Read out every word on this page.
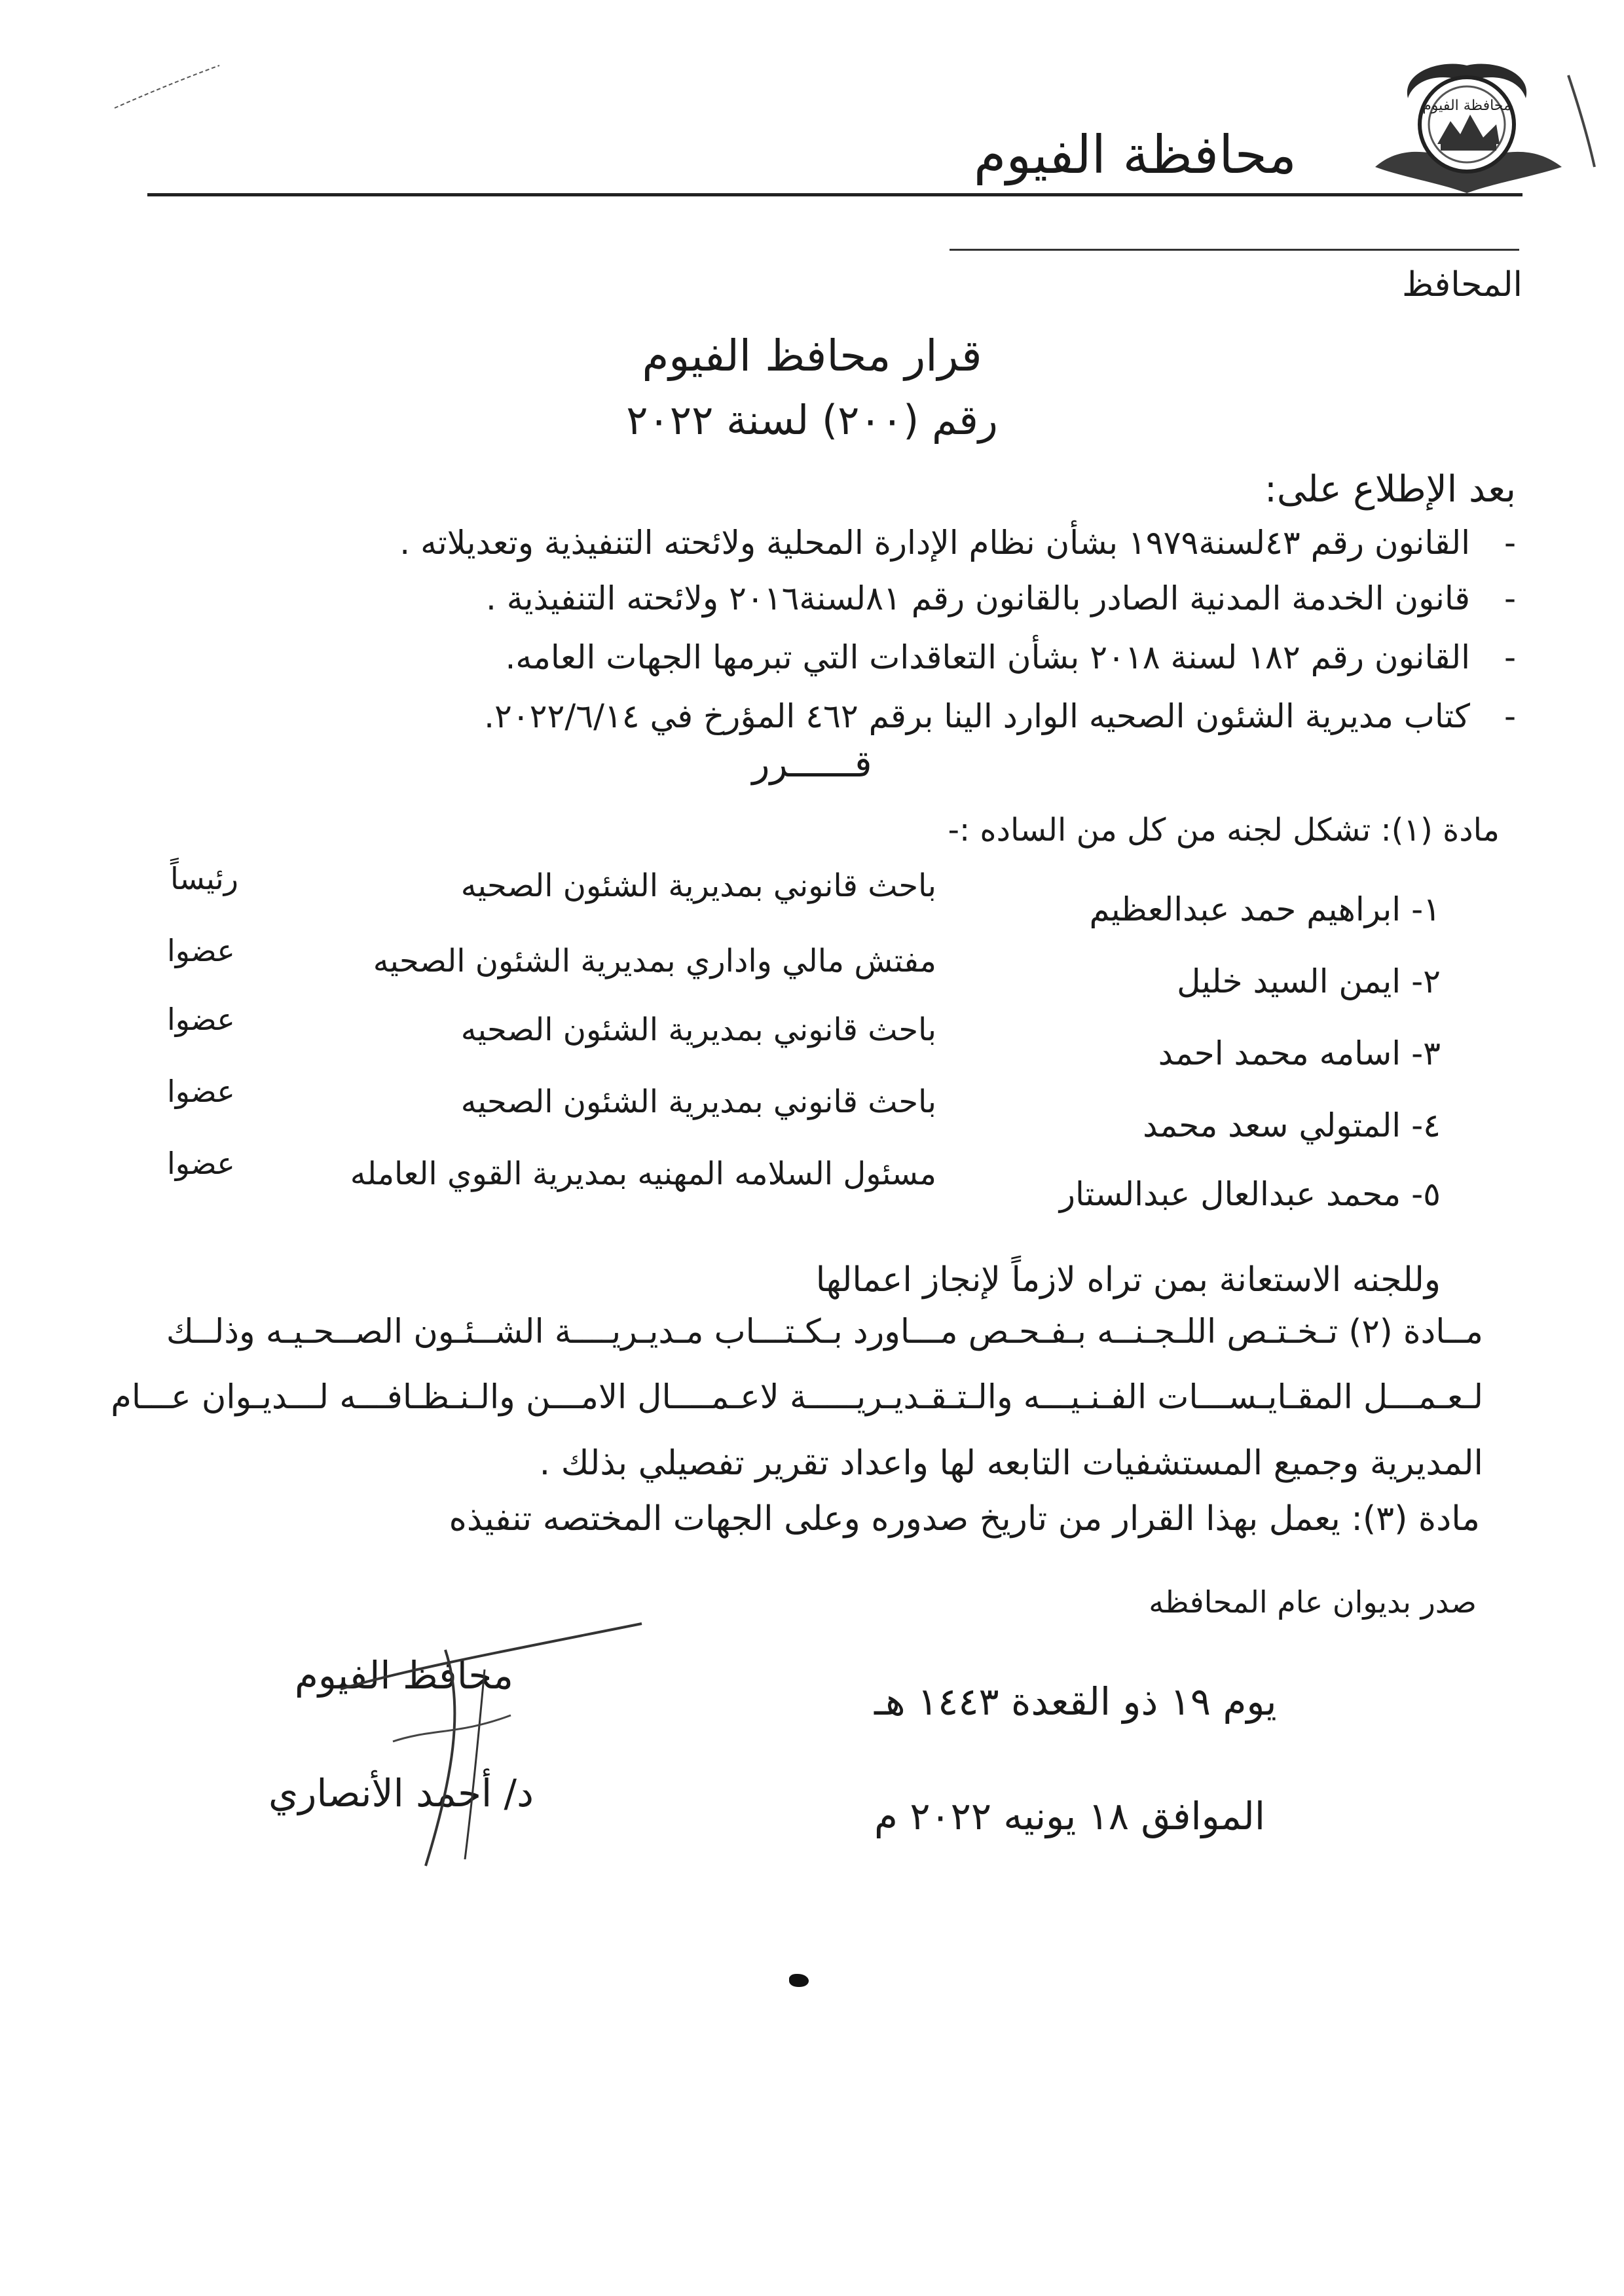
محافظة الفيوم
محافظة الفيوم
المحافظ
قرار محافظ الفيوم
رقم (۲۰۰) لسنة ۲۰۲۲
بعد الإطلاع على:
-القانون رقم ٤٣لسنة١٩٧٩ بشأن نظام الإدارة المحلية ولائحته التنفيذية وتعديلاته .
-قانون الخدمة المدنية الصادر بالقانون رقم ٨١لسنة٢٠١٦ ولائحته التنفيذية .
-القانون رقم ١٨٢ لسنة ٢٠١٨ بشأن التعاقدات التي تبرمها الجهات العامه.
-كتاب مديرية الشئون الصحيه الوارد الينا برقم ٤٦٢ المؤرخ في ٢٠٢٢/٦/١٤.
قــــــرر
مادة (١): تشكل لجنه من كل من الساده :-
١- ابراهيم حمد عبدالعظيم
باحث قانوني بمديرية الشئون الصحيه
رئيساً
٢- ايمن السيد خليل
مفتش مالي واداري بمديرية الشئون الصحيه
عضوا
٣- اسامه محمد احمد
باحث قانوني بمديرية الشئون الصحيه
عضوا
٤- المتولي سعد محمد
باحث قانوني بمديرية الشئون الصحيه
عضوا
٥- محمد عبدالعال عبدالستار
مسئول السلامه المهنيه بمديرية القوي العامله
عضوا
وللجنه الاستعانة بمن تراه لازماً لإنجاز اعمالها
مــادة (٢) تـخـتـص اللـجـنــه بـفـحـص مـــاورد بـكـتـــاب مـديـريــــة الشــئـون الصــحـيـه وذلــك
لـعـمـــل المقـايـســـات الفـنـيـــه والـتـقـديـريـــــة لاعـمــــال الامـــن والـنـظـافـــه لـــديـوان عـــام
المديرية وجميع المستشفيات التابعه لها واعداد تقرير تفصيلي بذلك .
مادة (٣): يعمل بهذا القرار من تاريخ صدوره وعلى الجهات المختصه تنفيذه
صدر بديوان عام المحافظه
يوم ١٩ ذو القعدة ١٤٤٣ هـ
الموافق ١٨ يونيه ٢٠٢٢ م
محافظ الفيوم
د/ أحمد الأنصاري
